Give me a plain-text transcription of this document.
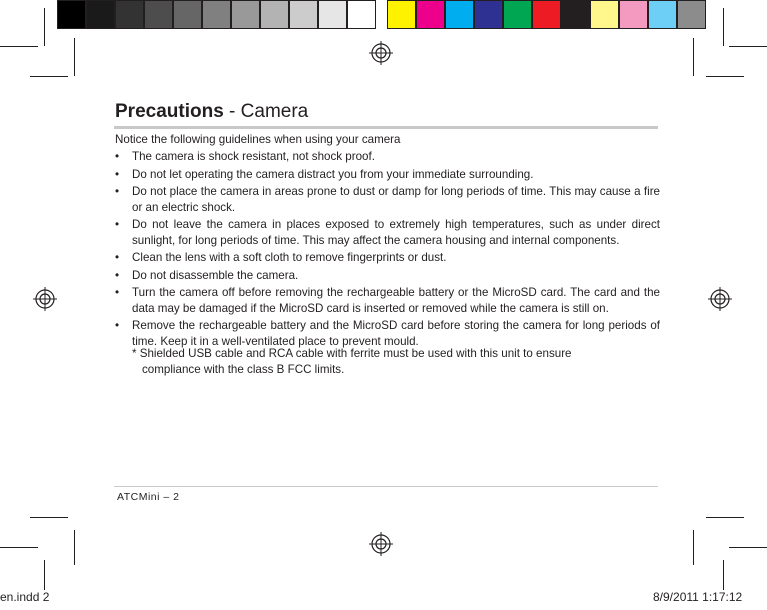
Precautions - Camera

Notice the following guidelines when using your camera

• The camera is shock resistant, not shock proof.
• Do not let operating the camera distract you from your immediate surrounding.
• Do not place the camera in areas prone to dust or damp for long periods of time. This may cause a fire or an electric shock.
• Do not leave the camera in places exposed to extremely high temperatures, such as under direct sunlight, for long periods of time. This may affect the camera housing and internal components.
• Clean the lens with a soft cloth to remove fingerprints or dust.
• Do not disassemble the camera.
• Turn the camera off before removing the rechargeable battery or the MicroSD card. The card and the data may be damaged if the MicroSD card is inserted or removed while the camera is still on.
• Remove the rechargeable battery and the MicroSD card before storing the camera for long periods of time. Keep it in a well-ventilated place to prevent mould.

* Shielded USB cable and RCA cable with ferrite must be used with this unit to ensure
compliance with the class B FCC limits.

ATCMini – 2
en.indd 2	8/9/2011 1:17:12
